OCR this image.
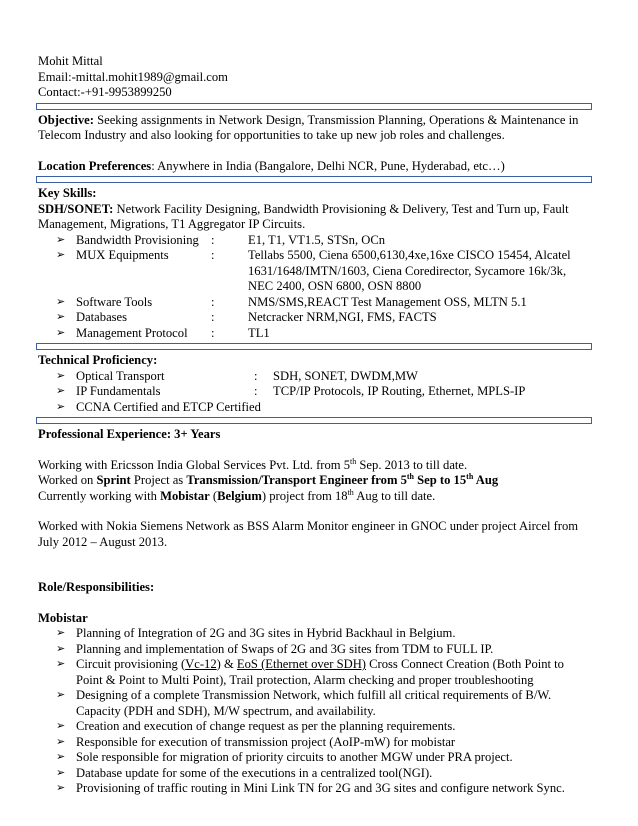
Mohit Mittal

Email:-mittal.mohit1989@gmail.com

Contact:-+91-9953899250

Objective: Seeking assignments in Network Design, Transmission Planning, Operations & Maintenance in Telecom Industry and also looking for opportunities to take up new job roles and challenges.

Location Preferences: Anywhere in India (Bangalore, Delhi NCR, Pune, Hyderabad, etc…)

Key Skills:

SDH/SONET: Network Facility Designing, Bandwidth Provisioning & Delivery, Test and Turn up, Fault Management, Migrations, T1 Aggregator IP Circuits.

➢ Bandwidth Provisioning :	E1, T1, VT1.5, STSn, OCn
➢ MUX Equipments	:	Tellabs 5500, Ciena 6500,6130,4xe,16xe CISCO 15454, Alcatel 1631/1648/IMTN/1603, Ciena Coredirector, Sycamore 16k/3k, NEC 2400, OSN 6800, OSN 8800
➢ Software Tools	:	NMS/SMS,REACT Test Management OSS, MLTN 5.1
➢ Databases	:	Netcracker NRM,NGI, FMS, FACTS
➢ Management Protocol	:	TL1

Technical Proficiency:

➢ Optical Transport	:	SDH, SONET, DWDM,MW
➢ IP Fundamentals	:	TCP/IP Protocols, IP Routing, Ethernet, MPLS-IP
➢ CCNA Certified and ETCP Certified

Professional Experience: 3+ Years

Working with Ericsson India Global Services Pvt. Ltd. from 5th Sep. 2013 to till date.

Worked on Sprint Project as Transmission/Transport Engineer from 5th Sep to 15th Aug

Currently working with Mobistar (Belgium) project from 18th Aug to till date.

Worked with Nokia Siemens Network as BSS Alarm Monitor engineer in GNOC under project Aircel from July 2012 – August 2013.

Role/Responsibilities:

Mobistar

➢ Planning of Integration of 2G and 3G sites in Hybrid Backhaul in Belgium.
➢ Planning and implementation of Swaps of 2G and 3G sites from TDM to FULL IP.
➢ Circuit provisioning (Vc-12) & EoS (Ethernet over SDH) Cross Connect Creation (Both Point to Point & Point to Multi Point), Trail protection, Alarm checking and proper troubleshooting
➢ Designing of a complete Transmission Network, which fulfill all critical requirements of B/W. Capacity (PDH and SDH), M/W spectrum, and availability.
➢ Creation and execution of change request as per the planning requirements.
➢ Responsible for execution of transmission project (AoIP-mW) for mobistar
➢ Sole responsible for migration of priority circuits to another MGW under PRA project.
➢ Database update for some of the executions in a centralized tool(NGI).
➢ Provisioning of traffic routing in Mini Link TN for 2G and 3G sites and configure network Sync.
